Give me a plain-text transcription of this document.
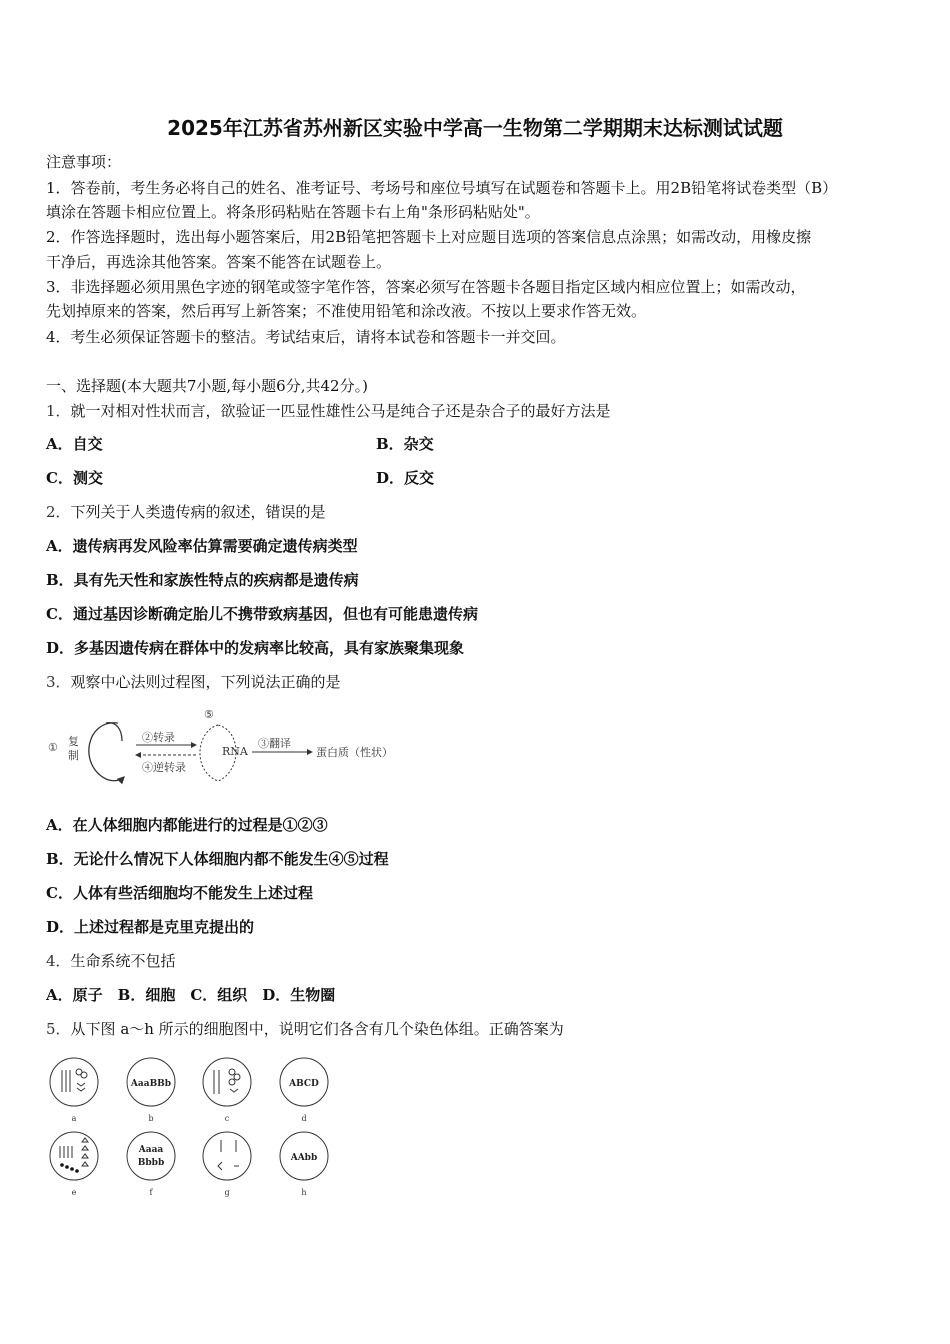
2025年江苏省苏州新区实验中学高一生物第二学期期末达标测试试题
注意事项：
1．答卷前，考生务必将自己的姓名、准考证号、考场号和座位号填写在试题卷和答题卡上。用2B铅笔将试卷类型（B）
填涂在答题卡相应位置上。将条形码粘贴在答题卡右上角"条形码粘贴处"。
2．作答选择题时，选出每小题答案后，用2B铅笔把答题卡上对应题目选项的答案信息点涂黑；如需改动，用橡皮擦
干净后，再选涂其他答案。答案不能答在试题卷上。
3．非选择题必须用黑色字迹的钢笔或签字笔作答，答案必须写在答题卡各题目指定区域内相应位置上；如需改动，
先划掉原来的答案，然后再写上新答案；不准使用铅笔和涂改液。不按以上要求作答无效。
4．考生必须保证答题卡的整洁。考试结束后，请将本试卷和答题卡一并交回。
一、选择题(本大题共7小题,每小题6分,共42分。)
1．就一对相对性状而言，欲验证一匹显性雄性公马是纯合子还是杂合子的最好方法是
A．自交	B．杂交
C．测交	D．反交
2．下列关于人类遗传病的叙述，错误的是
A．遗传病再发风险率估算需要确定遗传病类型
B．具有先天性和家族性特点的疾病都是遗传病
C．通过基因诊断确定胎儿不携带致病基因，但也有可能患遗传病
D．多基因遗传病在群体中的发病率比较高，具有家族聚集现象
3．观察中心法则过程图，下列说法正确的是
① 复
制
②转录
④逆转录
⑤
RNA
③翻译
蛋白质（性状）
A．在人体细胞内都能进行的过程是①②③
B．无论什么情况下人体细胞内都不能发生④⑤过程
C．人体有些活细胞均不能发生上述过程
D．上述过程都是克里克提出的
4．生命系统不包括
A．原子　B．细胞　C．组织　D．生物圈
5．从下图 a～h 所示的细胞图中，说明它们各含有几个染色体组。正确答案为
AaaBBb	ABCD
Aaaa
Bbbb	AAbb
a	b	c	d
e	f	g	h
